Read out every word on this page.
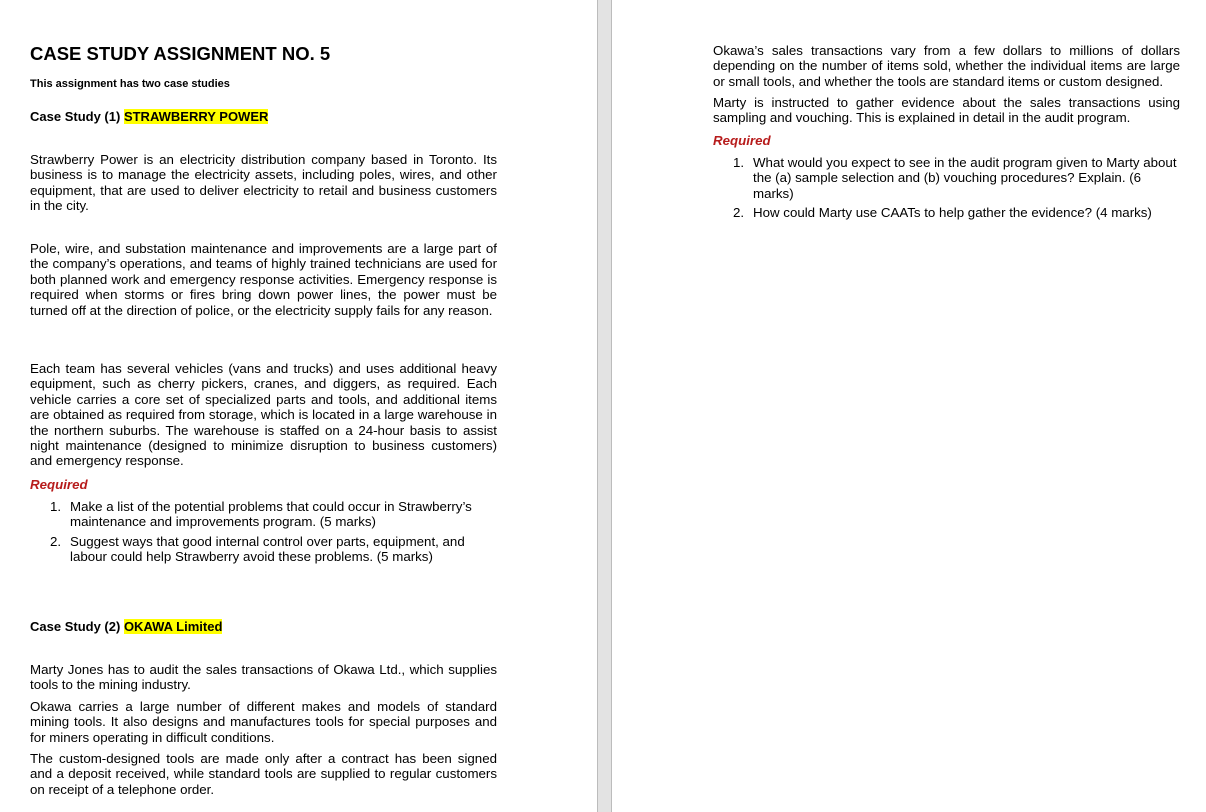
CASE STUDY ASSIGNMENT NO. 5
This assignment has two case studies
Case Study (1) STRAWBERRY POWER

Strawberry Power is an electricity distribution company based in Toronto. Its business is to manage the electricity assets, including poles, wires, and other equipment, that are used to deliver electricity to retail and business customers in the city.

Pole, wire, and substation maintenance and improvements are a large part of the company’s operations, and teams of highly trained technicians are used for both planned work and emergency response activities. Emergency response is required when storms or fires bring down power lines, the power must be turned off at the direction of police, or the electricity supply fails for any reason.

Each team has several vehicles (vans and trucks) and uses additional heavy equipment, such as cherry pickers, cranes, and diggers, as required. Each vehicle carries a core set of specialized parts and tools, and additional items are obtained as required from storage, which is located in a large warehouse in the northern suburbs. The warehouse is staffed on a 24-hour basis to assist night maintenance (designed to minimize disruption to business customers) and emergency response.

Required
1. Make a list of the potential problems that could occur in Strawberry’s maintenance and improvements program. (5 marks)
2. Suggest ways that good internal control over parts, equipment, and labour could help Strawberry avoid these problems. (5 marks)
Case Study (2) OKAWA Limited

Marty Jones has to audit the sales transactions of Okawa Ltd., which supplies tools to the mining industry.

Okawa carries a large number of different makes and models of standard mining tools. It also designs and manufactures tools for special purposes and for miners operating in difficult conditions.

The custom-designed tools are made only after a contract has been signed and a deposit received, while standard tools are supplied to regular customers on receipt of a telephone order.

Okawa’s sales transactions vary from a few dollars to millions of dollars depending on the number of items sold, whether the individual items are large or small tools, and whether the tools are standard items or custom designed.

Marty is instructed to gather evidence about the sales transactions using sampling and vouching. This is explained in detail in the audit program.

Required
1. What would you expect to see in the audit program given to Marty about the (a) sample selection and (b) vouching procedures? Explain. (6 marks)
2. How could Marty use CAATs to help gather the evidence? (4 marks)
